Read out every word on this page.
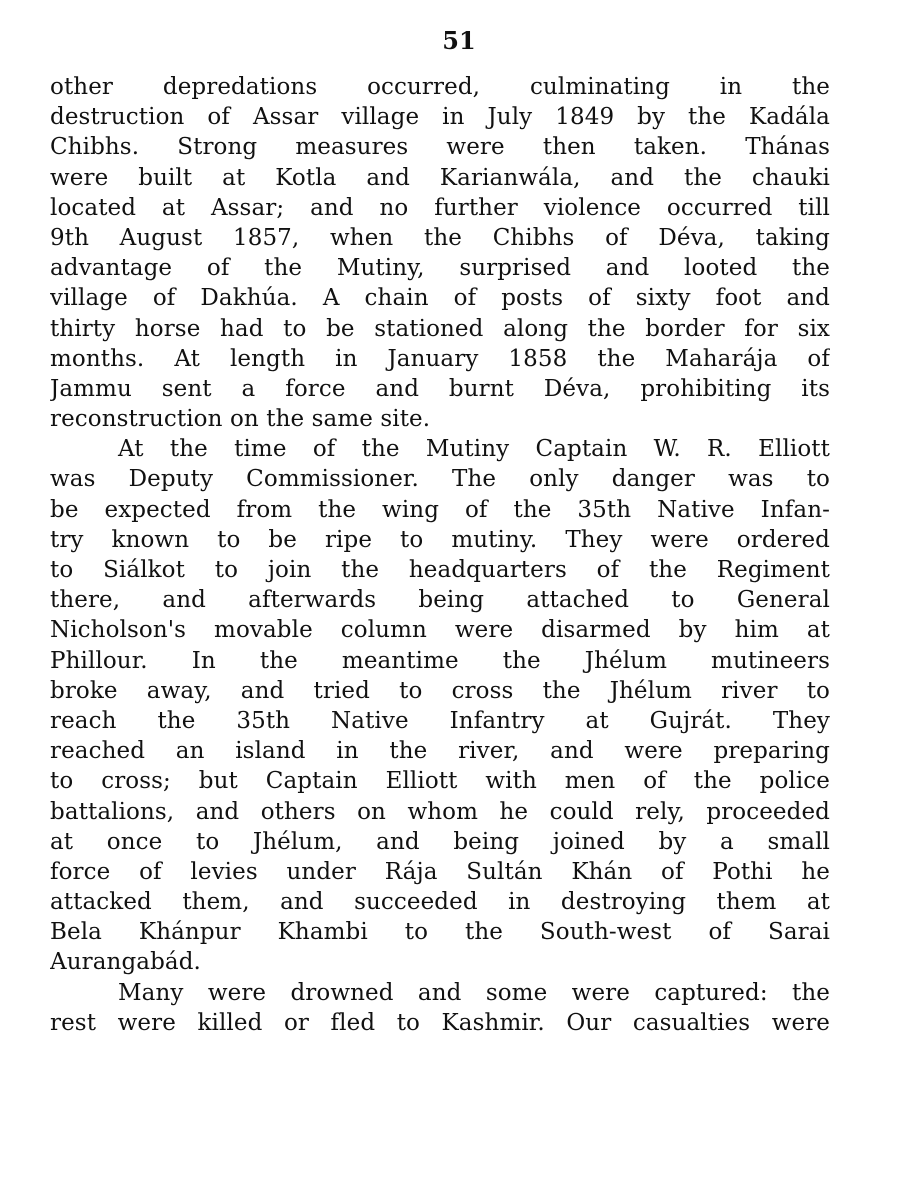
51
other depredations occurred, culminating in the
destruction of Assar village in July 1849 by the Kadála
Chibhs. Strong measures were then taken. Thánas
were built at Kotla and Karianwála, and the chauki
located at Assar; and no further violence occurred till
9th August 1857, when the Chibhs of Déva, taking
advantage of the Mutiny, surprised and looted the
village of Dakhúa. A chain of posts of sixty foot and
thirty horse had to be stationed along the border for six
months. At length in January 1858 the Maharája of
Jammu sent a force and burnt Déva, prohibiting its
reconstruction on the same site.
At the time of the Mutiny Captain W. R. Elliott
was Deputy Commissioner. The only danger was to
be expected from the wing of the 35th Native Infan-
try known to be ripe to mutiny. They were ordered
to Siálkot to join the headquarters of the Regiment
there, and afterwards being attached to General
Nicholson's movable column were disarmed by him at
Phillour. In the meantime the Jhélum mutineers
broke away, and tried to cross the Jhélum river to
reach the 35th Native Infantry at Gujrát. They
reached an island in the river, and were preparing
to cross; but Captain Elliott with men of the police
battalions, and others on whom he could rely, proceeded
at once to Jhélum, and being joined by a small
force of levies under Rája Sultán Khán of Pothi he
attacked them, and succeeded in destroying them at
Bela Khánpur Khambi to the South-west of Sarai
Aurangabád.
Many were drowned and some were captured: the
rest were killed or fled to Kashmir. Our casualties were
